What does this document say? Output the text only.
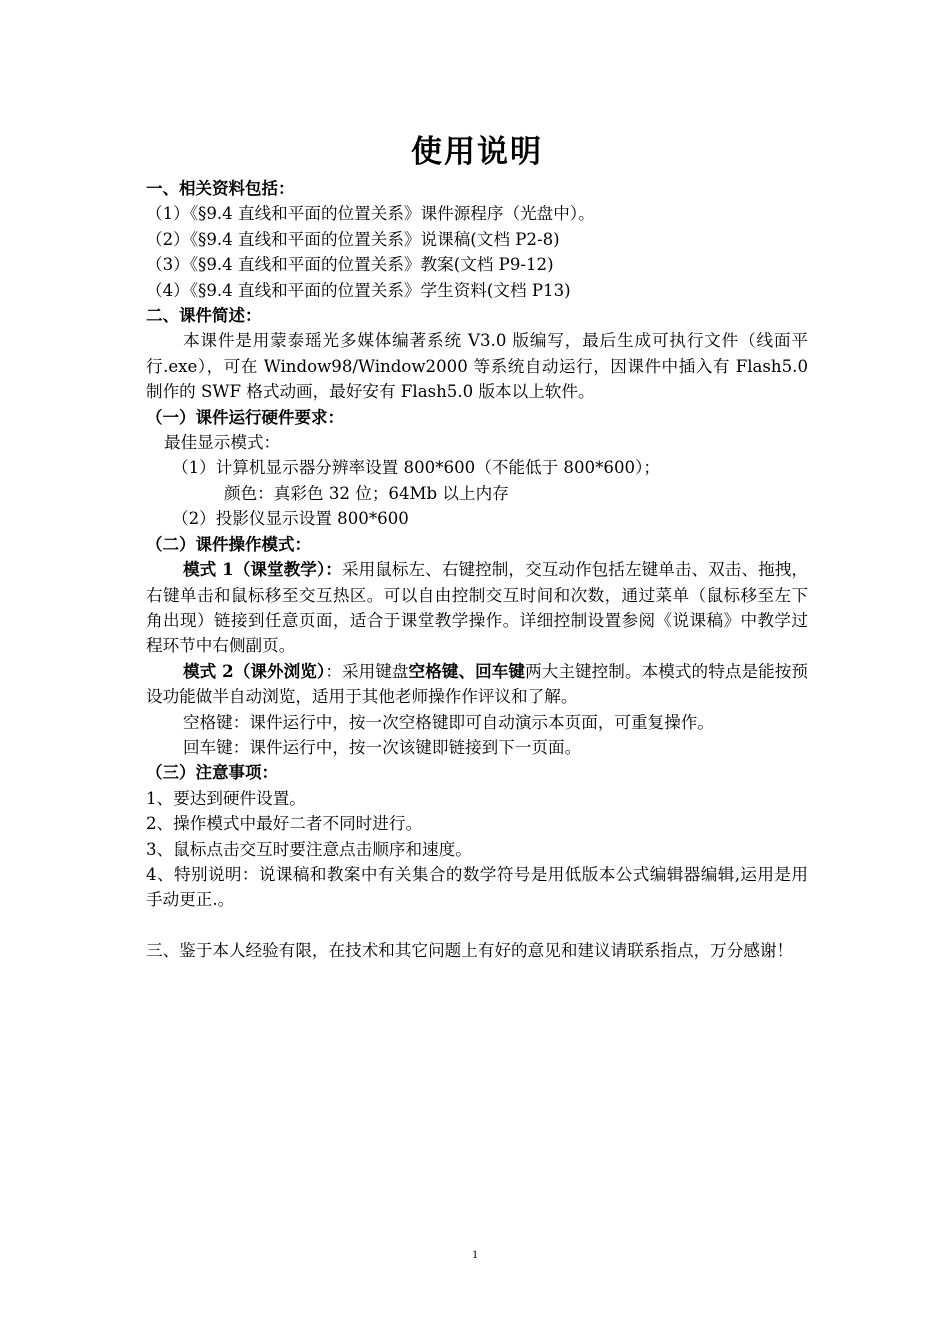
使用说明
一、相关资料包括：
（1）《§9.4 直线和平面的位置关系》课件源程序（光盘中）。
（2）《§9.4 直线和平面的位置关系》说课稿(文档 P2-8)
（3）《§9.4 直线和平面的位置关系》教案(文档 P9-12)
（4）《§9.4 直线和平面的位置关系》学生资料(文档 P13)
二、课件简述：
本课件是用蒙泰瑶光多媒体编著系统 V3.0 版编写，最后生成可执行文件（线面平行.exe），可在 Window98/Window2000 等系统自动运行，因课件中插入有 Flash5.0 制作的 SWF 格式动画，最好安有 Flash5.0 版本以上软件。
（一）课件运行硬件要求：
最佳显示模式：
（1）计算机显示器分辨率设置 800*600（不能低于 800*600）；
颜色：真彩色 32 位；64Mb 以上内存
（2）投影仪显示设置 800*600
（二）课件操作模式：
模式 1（课堂教学）：采用鼠标左、右键控制，交互动作包括左键单击、双击、拖拽，右键单击和鼠标移至交互热区。可以自由控制交互时间和次数，通过菜单（鼠标移至左下角出现）链接到任意页面，适合于课堂教学操作。详细控制设置参阅《说课稿》中教学过程环节中右侧副页。
模式 2（课外浏览）：采用键盘空格键、回车键两大主键控制。本模式的特点是能按预设功能做半自动浏览，适用于其他老师操作作评议和了解。
空格键：课件运行中，按一次空格键即可自动演示本页面，可重复操作。
回车键：课件运行中，按一次该键即链接到下一页面。
（三）注意事项：
1、要达到硬件设置。
2、操作模式中最好二者不同时进行。
3、鼠标点击交互时要注意点击顺序和速度。
4、特别说明：说课稿和教案中有关集合的数学符号是用低版本公式编辑器编辑,运用是用手动更正.。
三、鉴于本人经验有限，在技术和其它问题上有好的意见和建议请联系指点，万分感谢！
1
